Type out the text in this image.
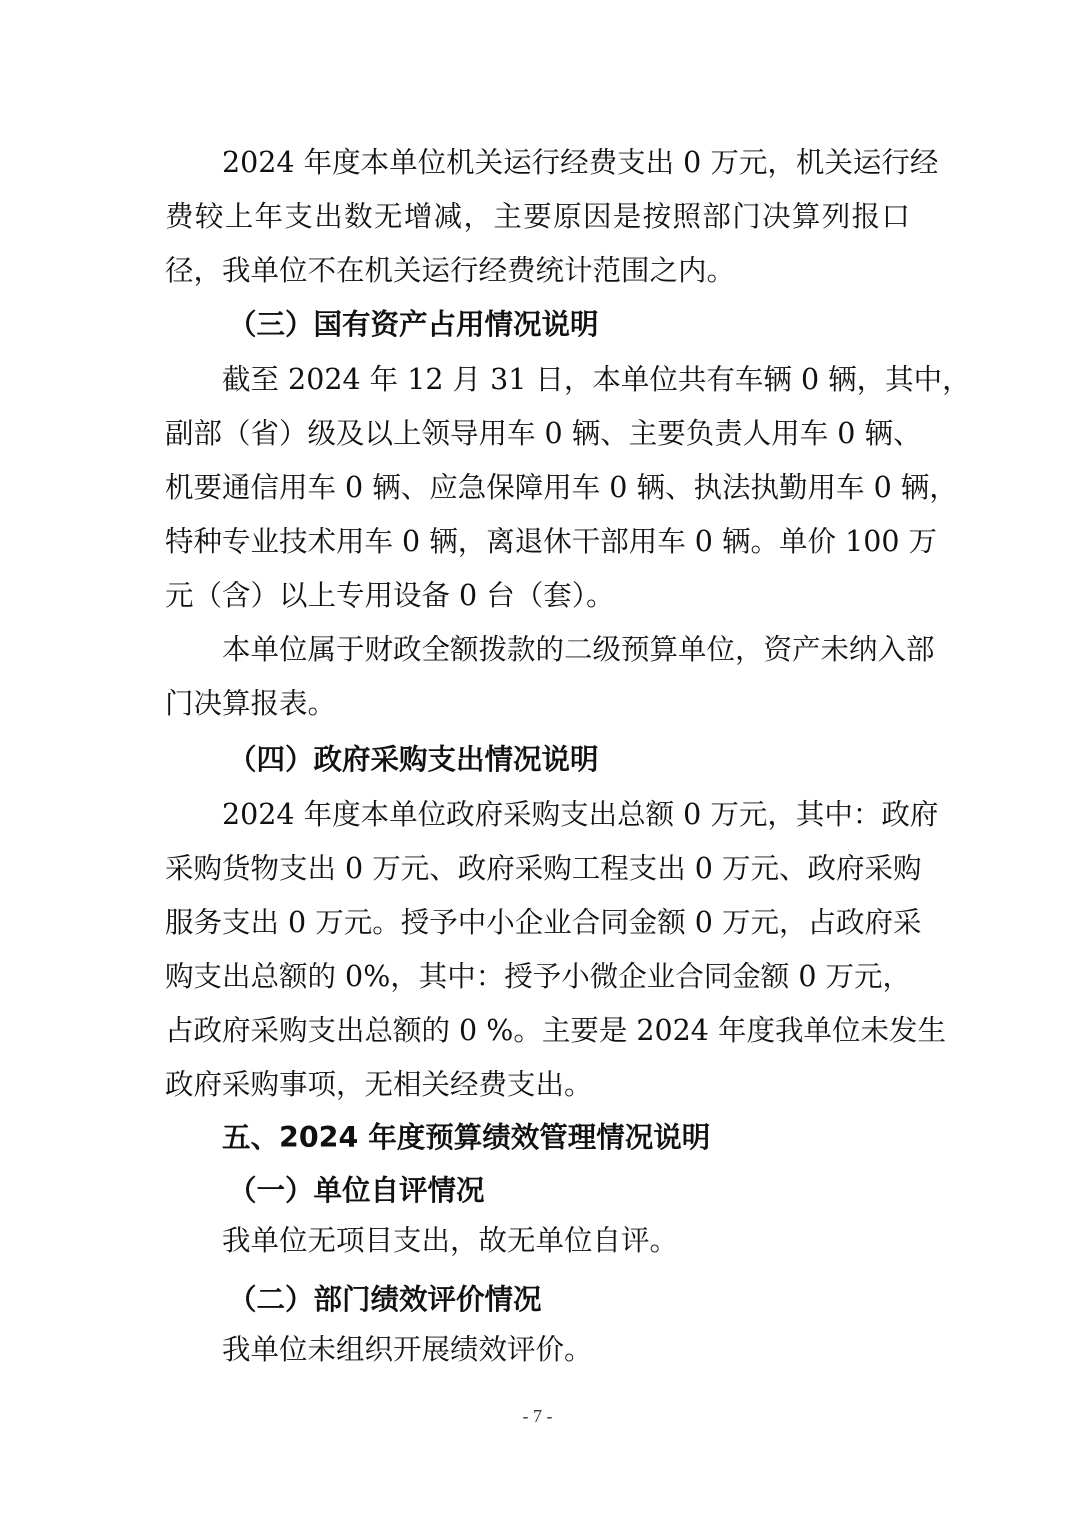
2024 年度本单位机关运行经费支出 0 万元，机关运行经
费较上年支出数无增减，主要原因是按照部门决算列报口
径，我单位不在机关运行经费统计范围之内。
（三）国有资产占用情况说明
截至 2024 年 12 月 31 日，本单位共有车辆 0 辆，其中，
副部（省）级及以上领导用车 0 辆、主要负责人用车 0 辆、
机要通信用车 0 辆、应急保障用车 0 辆、执法执勤用车 0 辆，
特种专业技术用车 0 辆，离退休干部用车 0 辆。单价 100 万
元（含）以上专用设备 0 台（套）。
本单位属于财政全额拨款的二级预算单位，资产未纳入部
门决算报表。
（四）政府采购支出情况说明
2024 年度本单位政府采购支出总额 0 万元，其中：政府
采购货物支出 0 万元、政府采购工程支出 0 万元、政府采购
服务支出 0 万元。授予中小企业合同金额 0 万元，占政府采
购支出总额的 0%，其中：授予小微企业合同金额 0 万元，
占政府采购支出总额的 0 %。主要是 2024 年度我单位未发生
政府采购事项，无相关经费支出。
五、2024 年度预算绩效管理情况说明
（一）单位自评情况
我单位无项目支出，故无单位自评。
（二）部门绩效评价情况
我单位未组织开展绩效评价。
- 7 -
